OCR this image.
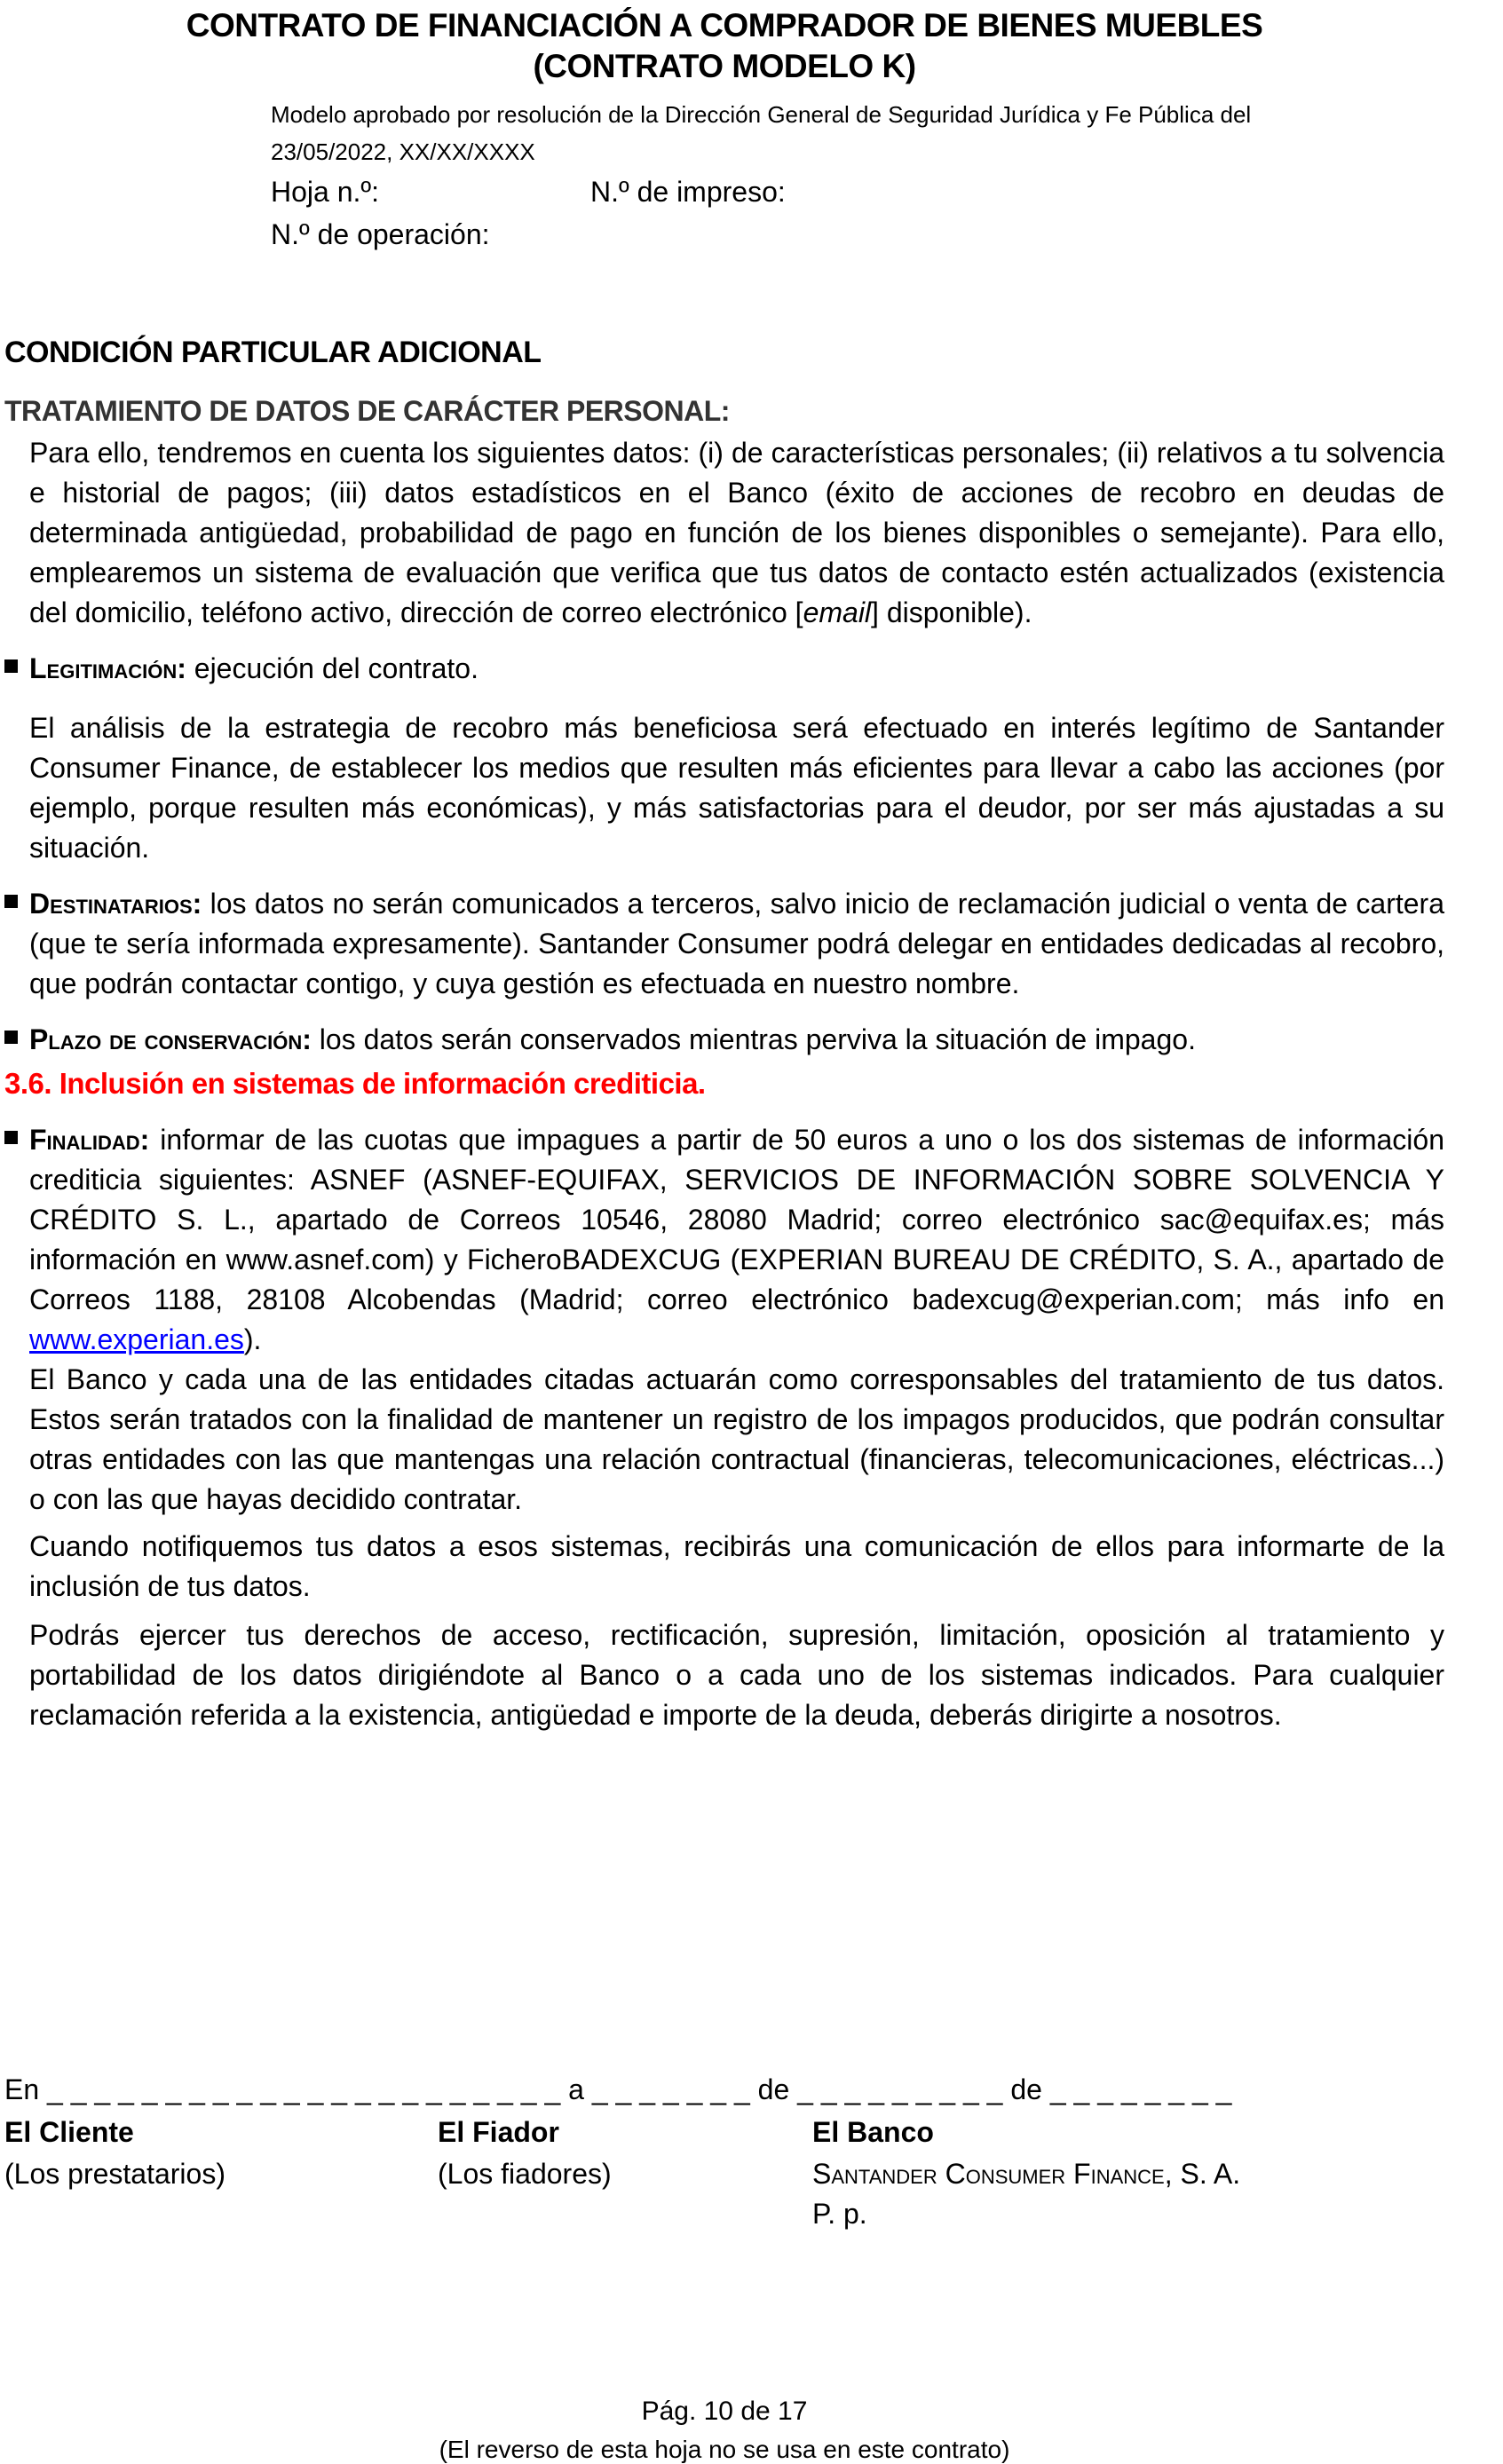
CONTRATO DE FINANCIACIÓN A COMPRADOR DE BIENES MUEBLES
(CONTRATO MODELO K)
Modelo aprobado por resolución de la Dirección General de Seguridad Jurídica y Fe Pública del
23/05/2022, XX/XX/XXXX
Hoja n.º:	N.º de impreso:
N.º de operación:
CONDICIÓN PARTICULAR ADICIONAL
TRATAMIENTO DE DATOS DE CARÁCTER PERSONAL:

Para ello, tendremos en cuenta los siguientes datos: (i) de características personales; (ii) relativos a tu solvencia e historial de pagos; (iii) datos estadísticos en el Banco (éxito de acciones de recobro en deudas de determinada antigüedad, probabilidad de pago en función de los bienes disponibles o semejante). Para ello, emplearemos un sistema de evaluación que verifica que tus datos de contacto estén actualizados (existencia del domicilio, teléfono activo, dirección de correo electrónico [email] disponible).

Legitimación: ejecución del contrato.

El análisis de la estrategia de recobro más beneficiosa será efectuado en interés legítimo de Santander Consumer Finance, de establecer los medios que resulten más eficientes para llevar a cabo las acciones (por ejemplo, porque resulten más económicas), y más satisfactorias para el deudor, por ser más ajustadas a su situación.

Destinatarios: los datos no serán comunicados a terceros, salvo inicio de reclamación judicial o venta de cartera (que te sería informada expresamente). Santander Consumer podrá delegar en entidades dedicadas al recobro, que podrán contactar contigo, y cuya gestión es efectuada en nuestro nombre.
Plazo de conservación: los datos serán conservados mientras perviva la situación de impago.
3.6. Inclusión en sistemas de información crediticia.
Finalidad: informar de las cuotas que impagues a partir de 50 euros a uno o los dos sistemas de información crediticia siguientes: ASNEF (ASNEF-EQUIFAX, SERVICIOS DE INFORMACIÓN SOBRE SOLVENCIA Y CRÉDITO S. L., apartado de Correos 10546, 28080 Madrid; correo electrónico sac@equifax.es; más información en www.asnef.com) y FicheroBADEXCUG (EXPERIAN BUREAU DE CRÉDITO, S. A., apartado de Correos 1188, 28108 Alcobendas (Madrid; correo electrónico badexcug@experian.com; más info en www.experian.es).

El Banco y cada una de las entidades citadas actuarán como corresponsables del tratamiento de tus datos. Estos serán tratados con la finalidad de mantener un registro de los impagos producidos, que podrán consultar otras entidades con las que mantengas una relación contractual (financieras, telecomunicaciones, eléctricas...) o con las que hayas decidido contratar.

Cuando notifiquemos tus datos a esos sistemas, recibirás una comunicación de ellos para informarte de la inclusión de tus datos.

Podrás ejercer tus derechos de acceso, rectificación, supresión, limitación, oposición al tratamiento y portabilidad de los datos dirigiéndote al Banco o a cada uno de los sistemas indicados. Para cualquier reclamación referida a la existencia, antigüedad e importe de la deuda, deberás dirigirte a nosotros.

En _ _ _ _ _ _ _ _ _ _ _ _ _ _ _ _ _ _ _ _ _ _ a _ _ _ _ _ _ _ de _ _ _ _ _ _ _ _ _ de _ _ _ _ _ _ _ _
El Cliente
(Los prestatarios)
El Fiador
(Los fiadores)
El Banco
Santander Consumer Finance, S. A.
P. p.
Pág. 10 de 17
(El reverso de esta hoja no se usa en este contrato)
